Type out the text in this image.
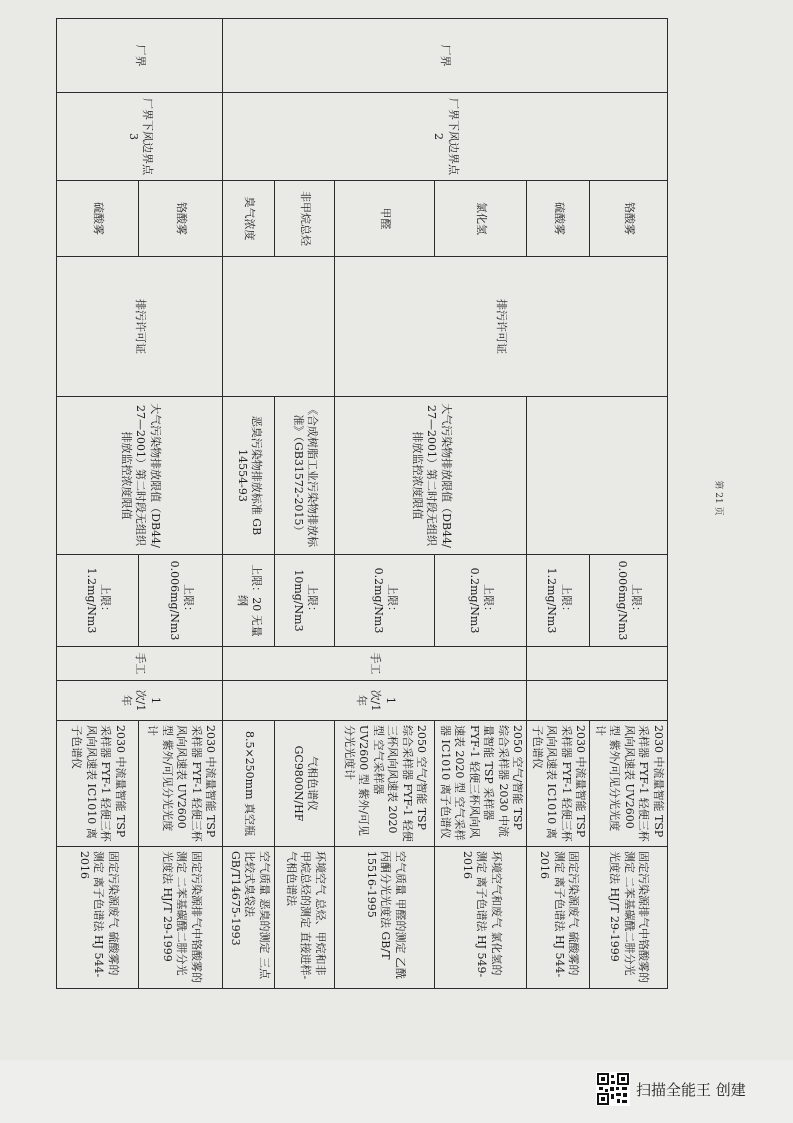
厂界	厂界下风边界点 2	铬酸雾	排污许可证		上限：0.006mg/Nm3			2030 中流量智能 TSP 采样器 FYF-1 轻便三杯风向风速表 UV2600 型 紫外/可见分光光度计	固定污染源排气中铬酸雾的测定 二苯基碳酰二肼分光光度法 HJ/T 29-1999
		硫酸雾			上限：1.2mg/Nm3			2030 中流量智能 TSP 采样器 FYF-1 轻便三杯风向风速表 IC1010 离子色谱仪	固定污染源废气 硫酸雾的测定 离子色谱法 HJ 544-2016
		氯化氢		大气污染物排放限值（DB44/ 27—2001）第二时段无组织排放监控浓度限值	上限：0.2mg/Nm3	手工	1 次/1 年	2050 空气/智能 TSP 综合采样器 2030 中流量智能 TSP 采样器 FYF-1 轻便三杯风向风速表 2020 型 空气采样器 IC1010 离子色谱仪	环境空气和废气 氯化氢的测定 离子色谱法 HJ 549-2016
		甲醛			上限：0.2mg/Nm3			2050 空气/智能 TSP 综合采样器 FYF-1 轻便三杯风向风速表 2020 型 空气采样器 UV2600 型 紫外/可见分光光度计	空气质量 甲醛的测定 乙酰丙酮分光光度法 GB/T 15516-1995
		非甲烷总烃		《合成树脂工业污染物排放标准》（GB31572-2015）	上限：10mg/Nm3			气相色谱仪 GC9800N/HF	环境空气 总烃、甲烷和非甲烷总烃的测定 直接进样-气相色谱法
		臭气浓度		恶臭污染物排放标准 GB 14554-93	上限：20 无量纲			8.5×250mm 真空瓶	空气质量 恶臭的测定 三点比较式臭袋法 GB/T14675-1993
厂界	厂界下风边界点 3	铬酸雾	排污许可证	大气污染物排放限值（DB44/ 27—2001）第二时段无组织排放监控浓度限值	上限：0.006mg/Nm3	手工	1 次/1 年	2030 中流量智能 TSP 采样器 FYF-1 轻便三杯风向风速表 UV2600 型 紫外/可见分光光度计	固定污染源排气中铬酸雾的测定 二苯基碳酰二肼分光光度法 HJ/T 29-1999
		硫酸雾			上限：1.2mg/Nm3			2030 中流量智能 TSP 采样器 FYF-1 轻便三杯风向风速表 IC1010 离子色谱仪	固定污染源废气 硫酸雾的测定 离子色谱法 HJ 544-2016
第 21 页
扫描全能王 创建
